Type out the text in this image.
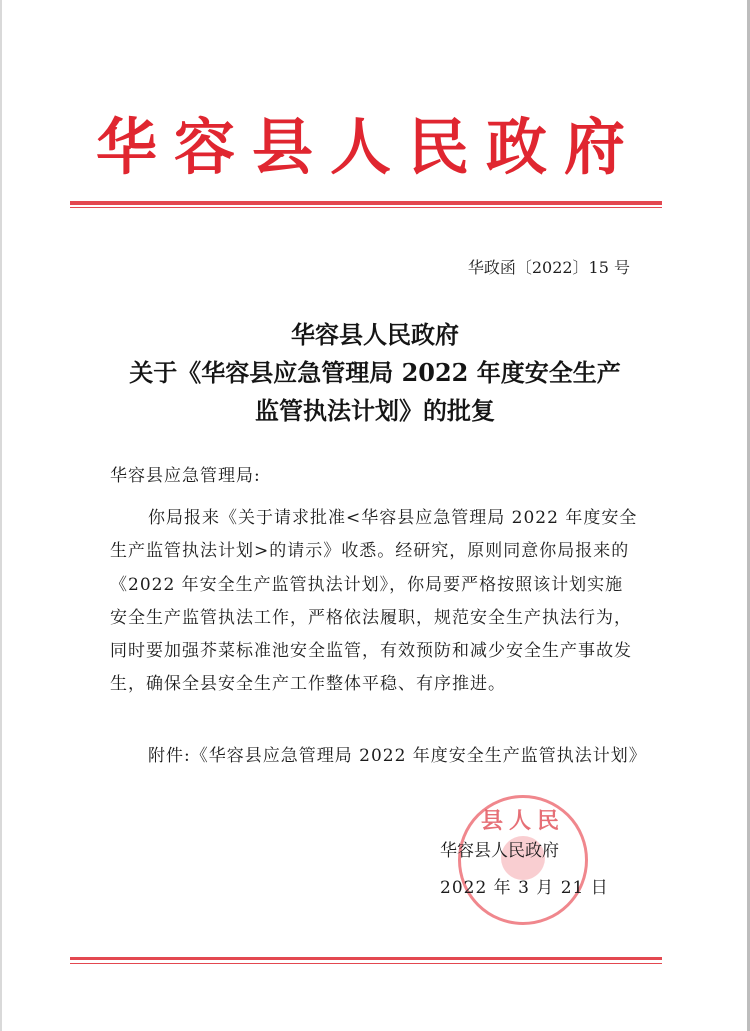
华容县人民政府
华政函〔2022〕15 号
华容县人民政府
关于《华容县应急管理局 2022 年度安全生产
监管执法计划》的批复
华容县应急管理局:
你局报来《关于请求批准<华容县应急管理局 2022 年度安全生产监管执法计划>的请示》收悉。经研究，原则同意你局报来的《2022 年安全生产监管执法计划》，你局要严格按照该计划实施安全生产监管执法工作，严格依法履职，规范安全生产执法行为，同时要加强芥菜标准池安全监管，有效预防和减少安全生产事故发生，确保全县安全生产工作整体平稳、有序推进。
附件:《华容县应急管理局 2022 年度安全生产监管执法计划》
县人民
华容县人民政府
2022 年 3 月 21 日
